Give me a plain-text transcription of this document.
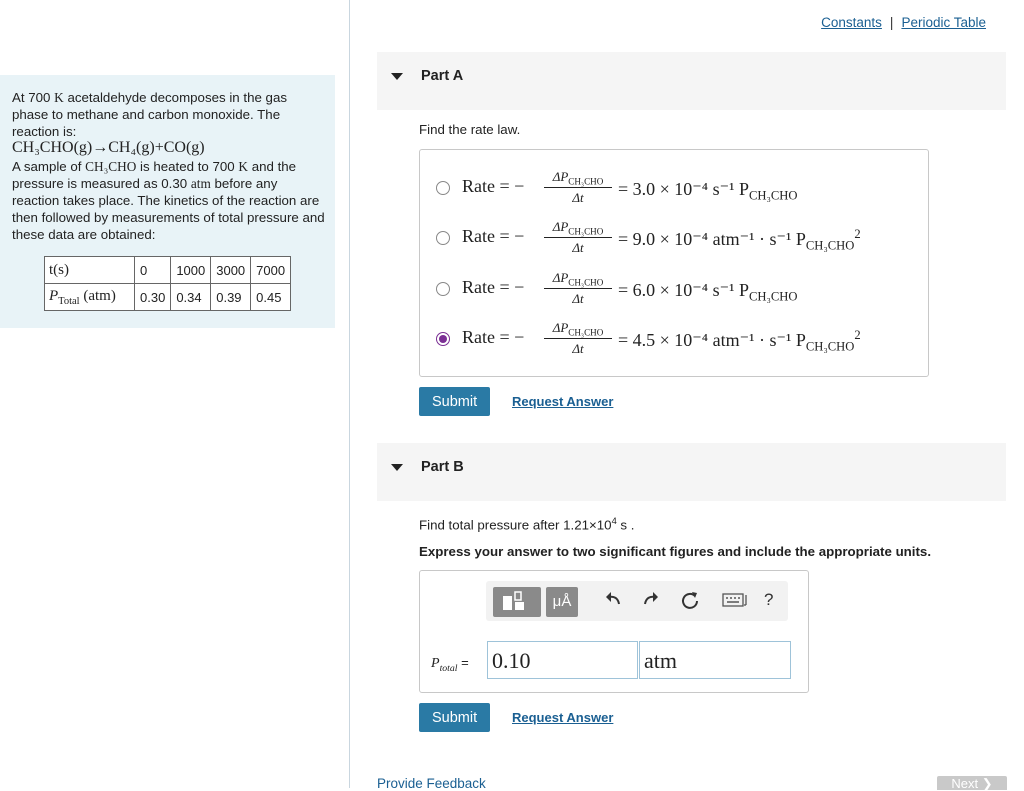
At 700 K acetaldehyde decomposes in the gas phase to methane and carbon monoxide. The reaction is:

CH₃CHO(g)→CH₄(g)+CO(g)

A sample of CH₃CHO is heated to 700 K and the pressure is measured as 0.30 atm before any reaction takes place. The kinetics of the reaction are then followed by measurements of total pressure and these data are obtained:

t(s)	0	1000	3000	7000
$P_{Total}$ (atm)	0.30	0.34	0.39	0.45
Constants | Periodic Table
Part A
Find the rate law.
Rate = −	$\Delta P_{CH_3CHO}$
Δt	= 3.0 × 10⁻⁴ s⁻¹ $P_{CH_3CHO}$
Rate = −	$\Delta P_{CH_3CHO}$
Δt	= 9.0 × 10⁻⁴ atm⁻¹ · s⁻¹ $P_{CH_3CHO}^2$
Rate = −	$\Delta P_{CH_3CHO}$
Δt	= 6.0 × 10⁻⁴ s⁻¹ $P_{CH_3CHO}$
Rate = −	$\Delta P_{CH_3CHO}$
Δt	= 4.5 × 10⁻⁴ atm⁻¹ · s⁻¹ $P_{CH_3CHO}^2$
Submit	Request Answer
Part B
Find total pressure after $1.21\times 10^4$ s .
Express your answer to two significant figures and include the appropriate units.
μÅ	?
$P_{total} = 0.10$	atm
Submit	Request Answer
Provide Feedback	Next ❯
